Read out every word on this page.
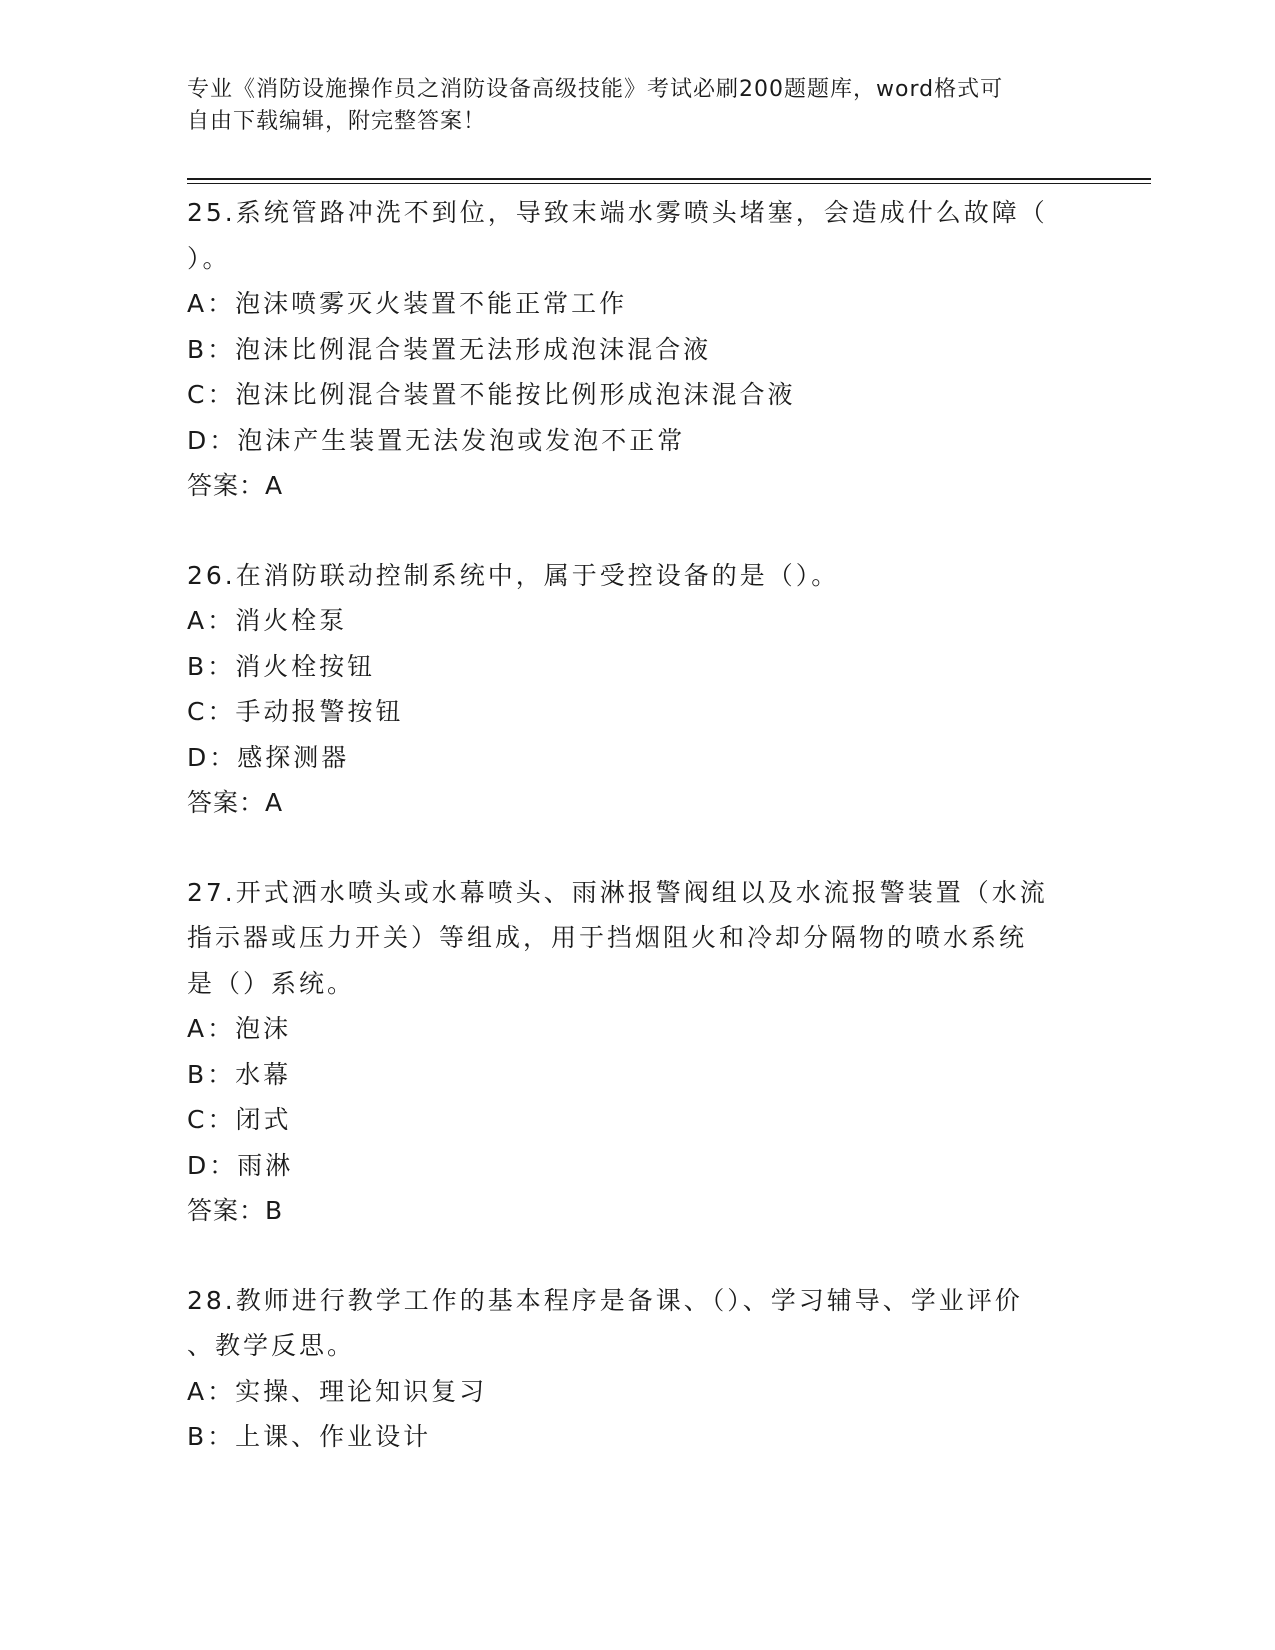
专业《消防设施操作员之消防设备高级技能》考试必刷200题题库，word格式可
自由下载编辑，附完整答案！
25.系统管路冲洗不到位，导致末端水雾喷头堵塞，会造成什么故障（
）。
A：泡沫喷雾灭火装置不能正常工作
B：泡沫比例混合装置无法形成泡沫混合液
C：泡沫比例混合装置不能按比例形成泡沫混合液
D：泡沫产生装置无法发泡或发泡不正常
答案：A
26.在消防联动控制系统中，属于受控设备的是（）。
A：消火栓泵
B：消火栓按钮
C：手动报警按钮
D：感探测器
答案：A
27.开式洒水喷头或水幕喷头、雨淋报警阀组以及水流报警装置（水流
指示器或压力开关）等组成，用于挡烟阻火和冷却分隔物的喷水系统
是（）系统。
A：泡沫
B：水幕
C：闭式
D：雨淋
答案：B
28.教师进行教学工作的基本程序是备课、（）、学习辅导、学业评价
、教学反思。
A：实操、理论知识复习
B：上课、作业设计
